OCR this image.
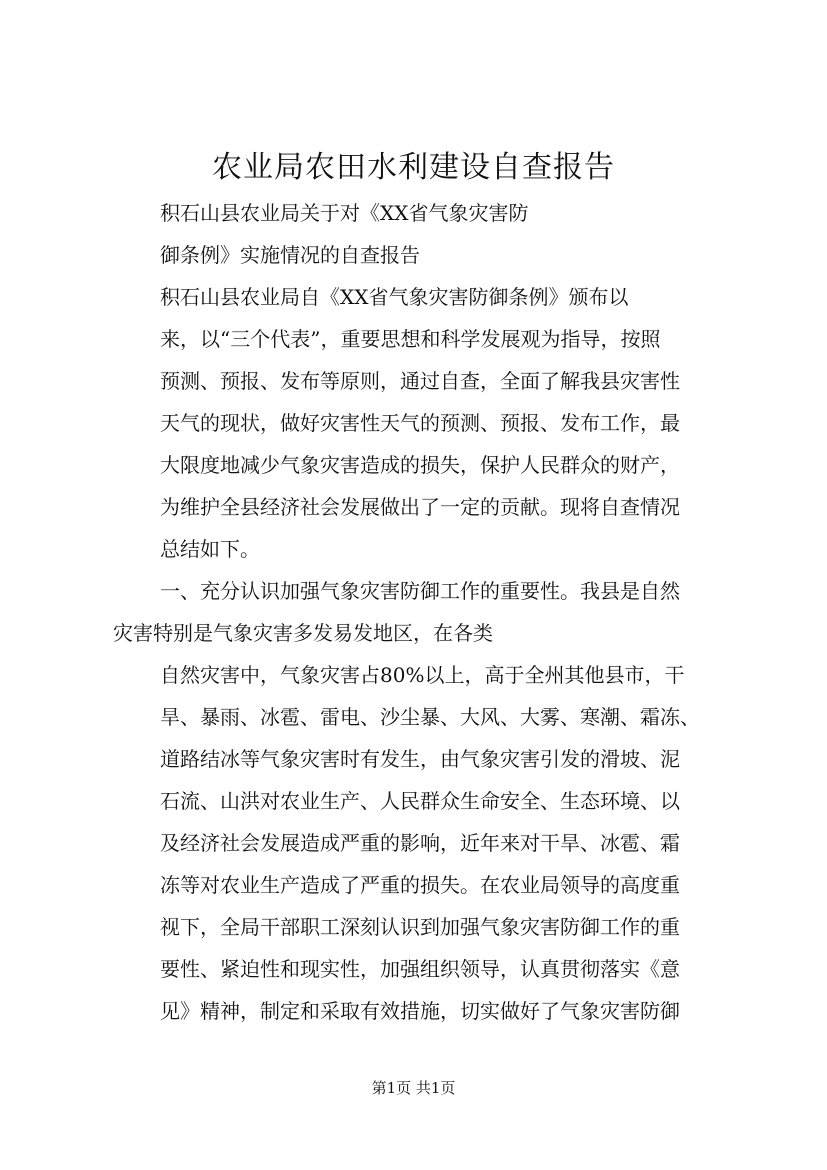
农业局农田水利建设自查报告

积石山县农业局关于对《XX省气象灾害防

御条例》实施情况的自查报告

积石山县农业局自《XX省气象灾害防御条例》颁布以

来，以“三个代表”，重要思想和科学发展观为指导，按照

预测、预报、发布等原则，通过自查，全面了解我县灾害性

天气的现状，做好灾害性天气的预测、预报、发布工作，最

大限度地减少气象灾害造成的损失，保护人民群众的财产，

为维护全县经济社会发展做出了一定的贡献。现将自查情况

总结如下。

一、充分认识加强气象灾害防御工作的重要性。我县是自然

灾害特别是气象灾害多发易发地区，在各类

自然灾害中，气象灾害占80%以上，高于全州其他县市，干

旱、暴雨、冰雹、雷电、沙尘暴、大风、大雾、寒潮、霜冻、

道路结冰等气象灾害时有发生，由气象灾害引发的滑坡、泥

石流、山洪对农业生产、人民群众生命安全、生态环境、以

及经济社会发展造成严重的影响，近年来对干旱、冰雹、霜

冻等对农业生产造成了严重的损失。在农业局领导的高度重

视下，全局干部职工深刻认识到加强气象灾害防御工作的重

要性、紧迫性和现实性，加强组织领导，认真贯彻落实《意

见》精神，制定和采取有效措施，切实做好了气象灾害防御

第1页 共1页
